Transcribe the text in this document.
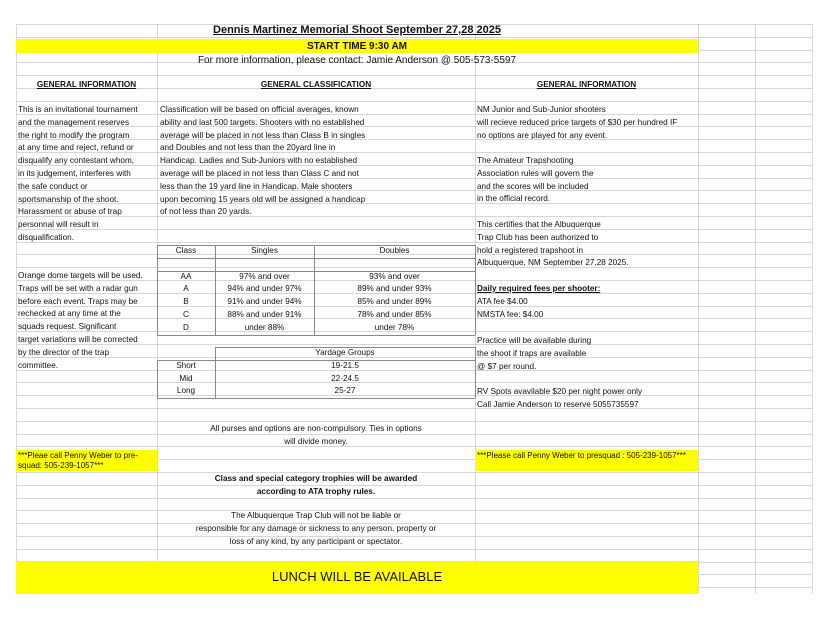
Dennis Martinez Memorial Shoot September 27,28 2025
START TIME 9:30 AM
For more information, please contact: Jamie Anderson @ 505-573-5597
GENERAL INFORMATION	GENERAL CLASSIFICATION	GENERAL INFORMATION
This is an invitational tournament
and the management reserves
the right to modify the program
at any time and reject, refund or
disqualify any contestant whom,
in its judgement, interferes with
the safe conduct or
sportsmanship of the shoot.
Harassment or abuse of trap
personnal will result in
disqualification.
Orange dome targets will be used.
Traps will be set with a radar gun
before each event. Traps may be
rechecked at any time at the
squads request. Significant
target variations will be corrected
by the director of the trap
committee.
Classification will be based on official averages, known
ability and last 500 targets. Shooters with no established
average will be placed in not less than Class B in singles
and Doubles and not less than the 20yard line in
Handicap. Ladies and Sub-Juniors with no established
average will be placed in not less than Class C and not
less than the 19 yard line in Handicap. Male shooters
upon becoming 15 years old will be assigned a handicap
of not less than 20 yards.
Class	Singles	Doubles
AA	97% and over	93% and over
A	94% and under 97%	89% and under 93%
B	91% and under 94%	85% and under 89%
C	88% and under 91%	78% and under 85%
D	under 88%	under 78%
Yardage Groups
Short	19-21.5
Mid	22-24.5
Long	25-27
All purses and options are non-compulsory. Ties in options
will divide money.
Class and special category trophies will be awarded
according to ATA trophy rules.
The Albuquerque Trap Club will not be liable or
responsible for any damage or sickness to any person, property or
loss of any kind, by any participant or spectator.
NM Junior and Sub-Junior shooters
will recieve reduced price targets of $30 per hundred IF
no options are played for any event.
The Amateur Trapshooting
Association rules will govern the
and the scores will be included
in the official record.
This certifies that the Albuquerque
Trap Club has been authorized to
hold a registered trapshoot in
Albuquerque, NM September 27,28 2025.
Daily required fees per shooter:
ATA fee $4.00
NMSTA fee: $4.00
Practice will be available during
the shoot if traps are available
@ $7 per round.
RV Spots avavilable $20 per night power only
Call Jamie Anderson to reserve 5055735597
***Pleae call Penny Weber to pre-squad: 505-239-1057***
***Please call Penny Weber to presquad : 505-239-1057***
LUNCH WILL BE AVAILABLE
